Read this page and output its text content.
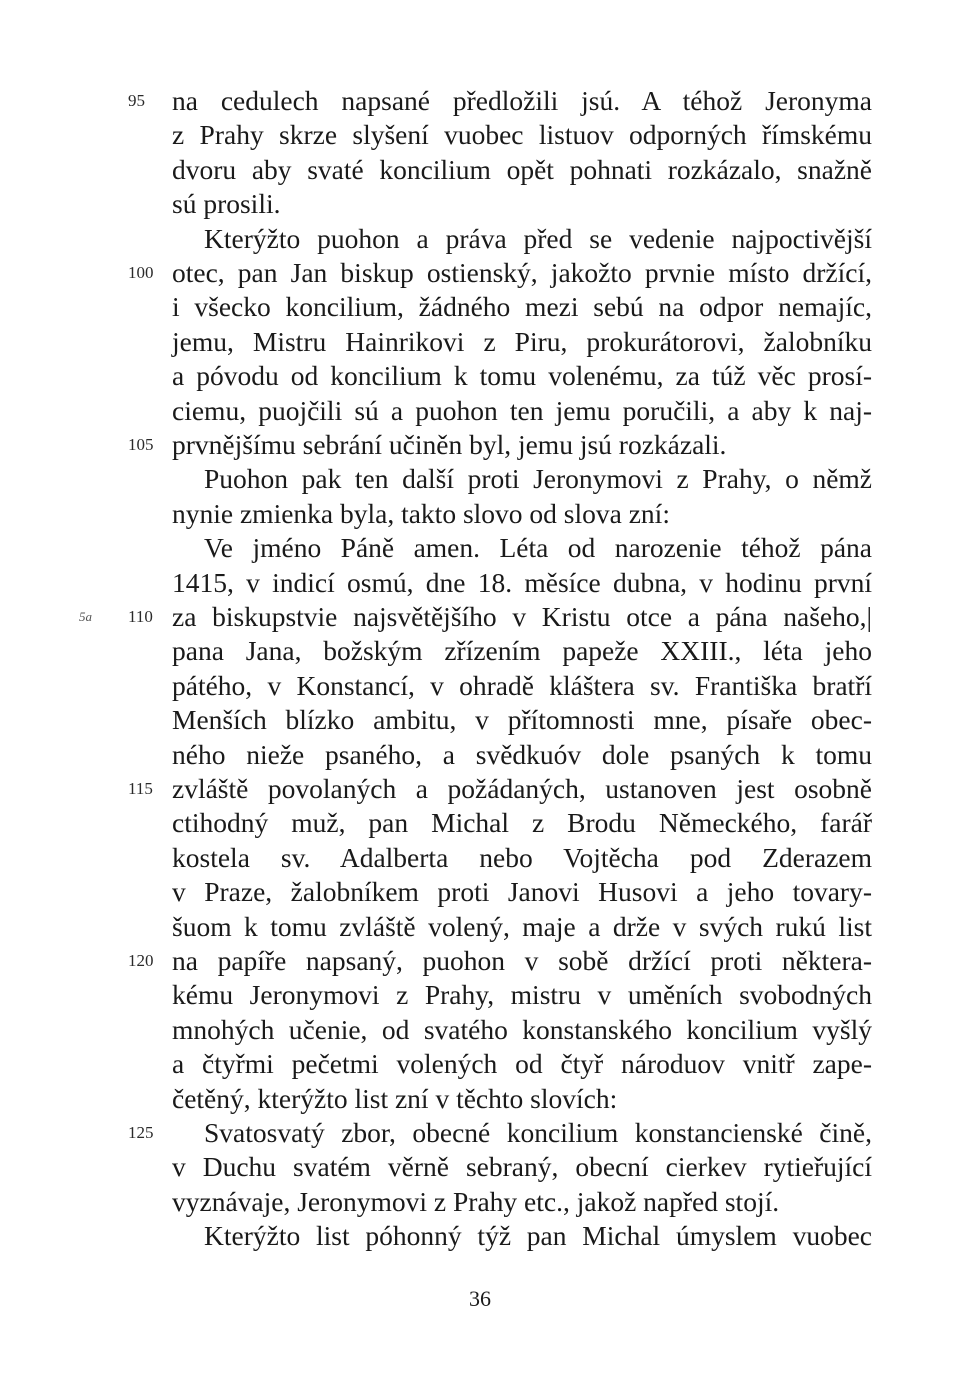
na cedulech napsané předložili jsú. A téhož Jeronyma
z Prahy skrze slyšení vuobec listuov odporných římskému
dvoru aby svaté koncilium opět pohnati rozkázalo, snažně
sú prosili.
Kterýžto puohon a práva před se vedenie najpoctivější
otec, pan Jan biskup ostienský, jakožto prvnie místo držící,
i všecko koncilium, žádného mezi sebú na odpor nemajíc,
jemu, Mistru Hainrikovi z Piru, prokurátorovi, žalobníku
a póvodu od koncilium k tomu volenému, za túž věc prosí-
ciemu, puojčili sú a puohon ten jemu poručili, a aby k naj-
prvnějšímu sebrání učiněn byl, jemu jsú rozkázali.
Puohon pak ten další proti Jeronymovi z Prahy, o němž
nynie zmienka byla, takto slovo od slova zní:
Ve jméno Páně amen. Léta od narozenie téhož pána
1415, v indicí osmú, dne 18. měsíce dubna, v hodinu první
za biskupstvie najsvětějšího v Kristu otce a pána našeho,|
pana Jana, božským zřízením papeže XXIII., léta jeho
pátého, v Konstancí, v ohradě kláštera sv. Františka bratří
Menších blízko ambitu, v přítomnosti mne, písaře obec-
ného nieže psaného, a svědkuóv dole psaných k tomu
zvláště povolaných a požádaných, ustanoven jest osobně
ctihodný muž, pan Michal z Brodu Německého, farář
kostela sv. Adalberta nebo Vojtěcha pod Zderazem
v Praze, žalobníkem proti Janovi Husovi a jeho tovary-
šuom k tomu zvláště volený, maje a drže v svých rukú list
na papíře napsaný, puohon v sobě držící proti některa-
kému Jeronymovi z Prahy, mistru v uměních svobodných
mnohých učenie, od svatého konstanského koncilium vyšlý
a čtyřmi pečetmi volených od čtyř národuov vnitř zape-
četěný, kterýžto list zní v těchto slovích:
Svatosvatý zbor, obecné koncilium konstancienské čině,
v Duchu svatém věrně sebraný, obecní cierkev rytieřující
vyznávaje, Jeronymovi z Prahy etc., jakož napřed stojí.
Kterýžto list póhonný týž pan Michal úmyslem vuobec
95
100
105
110
115
120
125
5a
36
